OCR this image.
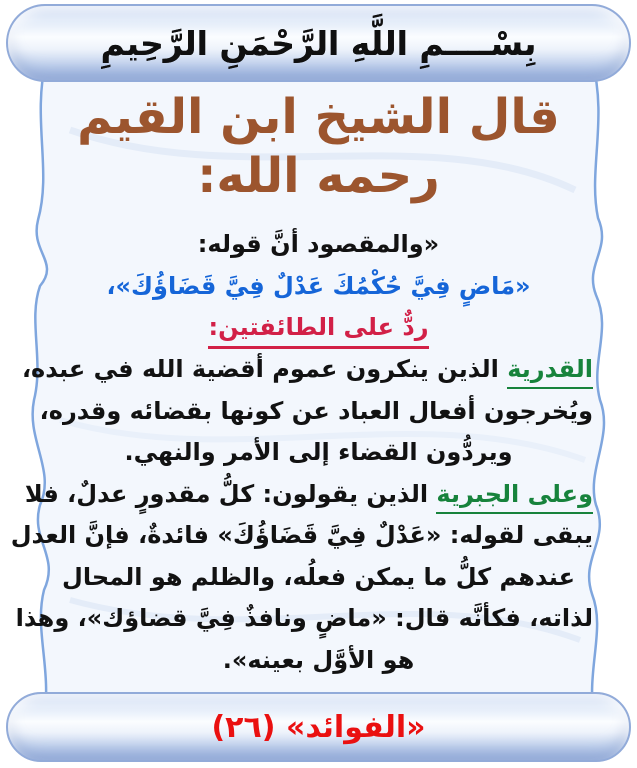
بِسْــــمِ اللَّهِ الرَّحْمَنِ الرَّحِيمِ
قال الشيخ ابن القيم
رحمه الله:
«والمقصود أنَّ قوله:
«مَاضٍ فِيَّ حُكْمُكَ عَدْلٌ فِيَّ قَضَاؤُكَ»،
ردٌّ على الطائفتين:
القدرية الذين ينكرون عموم أقضية الله في عبده،
ويُخرجون أفعال العباد عن كونها بقضائه وقدره،
ويردُّون القضاء إلى الأمر والنهي.
وعلى الجبرية الذين يقولون: كلُّ مقدورٍ عدلٌ، فلا
يبقى لقوله: «عَدْلٌ فِيَّ قَضَاؤُكَ» فائدةٌ، فإنَّ العدل
عندهم كلُّ ما يمكن فعلُه، والظلم هو المحال
لذاته، فكأنَّه قال: «ماضٍ ونافذٌ فِيَّ قضاؤك»، وهذا
هو الأوَّل بعينه».
«الفوائد» (٢٦)
